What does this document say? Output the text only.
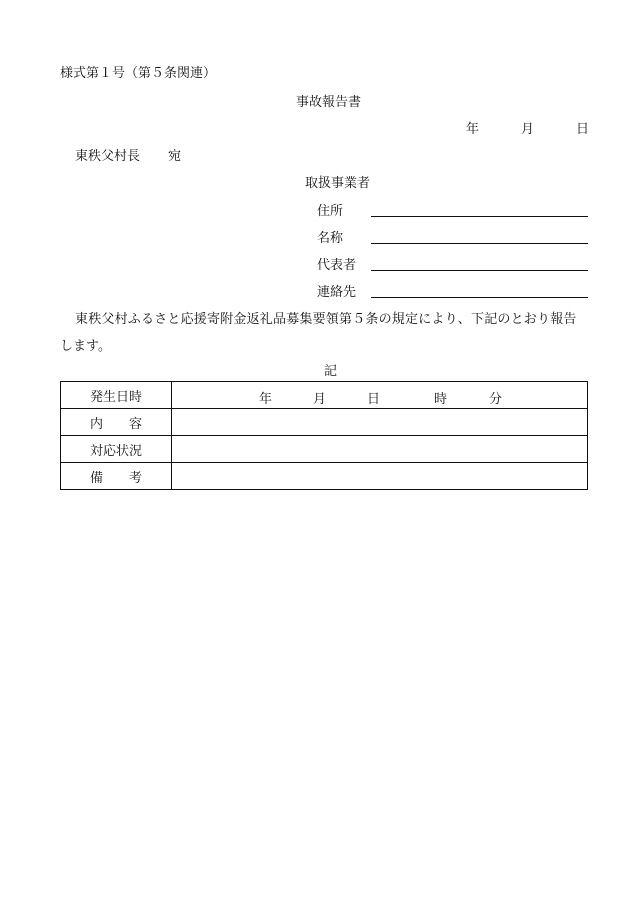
様式第１号（第５条関連）
事故報告書
年	月	日
東秩父村長 宛
取扱事業者
住所
名称
代表者
連絡先
東秩父村ふるさと応援寄附金返礼品募集要領第５条の規定により、下記のとおり報告
します。
記
発生日時	年 月 日 時 分

内　　容	
対応状況	
備　　考	
